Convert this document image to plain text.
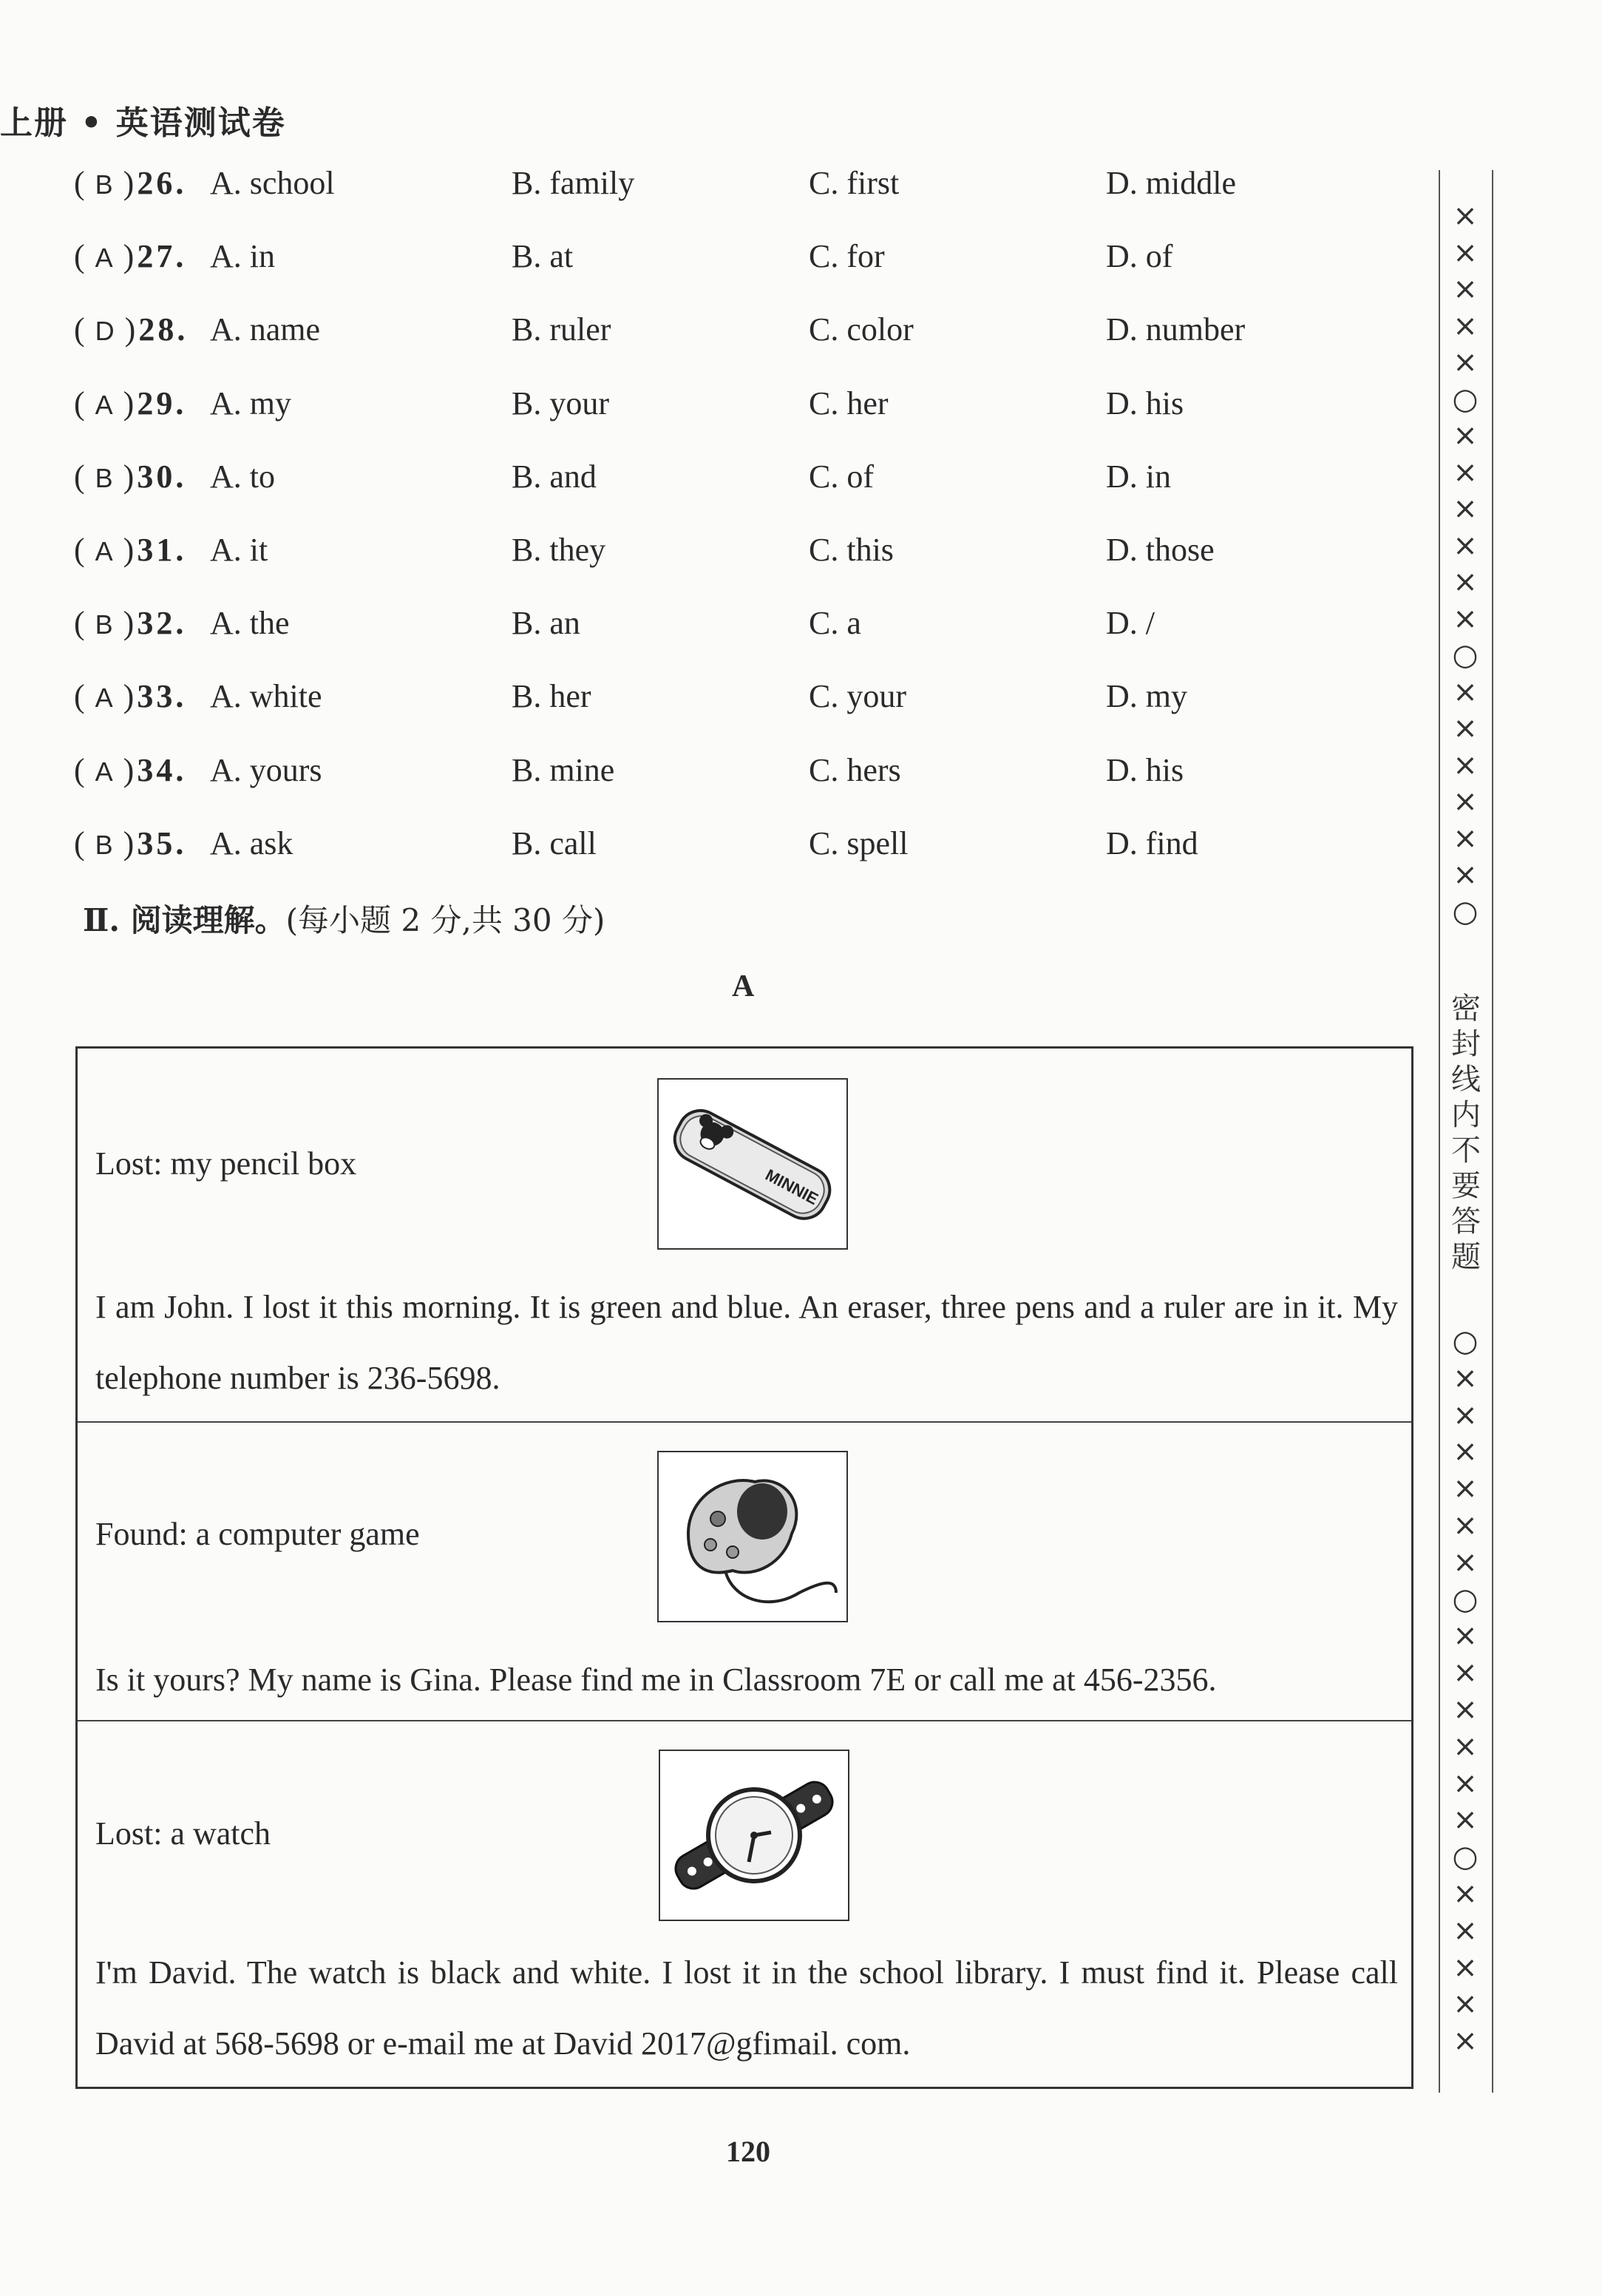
上册 • 英语测试卷
( B )26. A. school	B. family	C. first	D. middle
( A )27. A. in	B. at	C. for	D. of
( D )28. A. name	B. ruler	C. color	D. number
( A )29. A. my	B. your	C. her	D. his
( B )30. A. to	B. and	C. of	D. in
( A )31. A. it	B. they	C. this	D. those
( B )32. A. the	B. an	C. a	D. /
( A )33. A. white	B. her	C. your	D. my
( A )34. A. yours	B. mine	C. hers	D. his
( B )35. A. ask	B. call	C. spell	D. find
Ⅱ. 阅读理解。(每小题 2 分,共 30 分)
A
Lost: my pencil box
MINNIE
I am John. I lost it this morning. It is green and blue. An eraser, three pens and a ruler are in it. My telephone number is 236-5698.
Found: a computer game
Is it yours? My name is Gina. Please find me in Classroom 7E or call me at 456-2356.
Lost: a watch
I'm David. The watch is black and white. I lost it in the school library. I must find it. Please call David at 568-5698 or e-mail me at David 2017@gfimail. com.
120
×
×
×
×
×
○
×
×
×
×
×
×
○
×
×
×
×
×
×
○
密封线内不要答题
○
×
×
×
×
×
×
○
×
×
×
×
×
×
○
×
×
×
×
×
